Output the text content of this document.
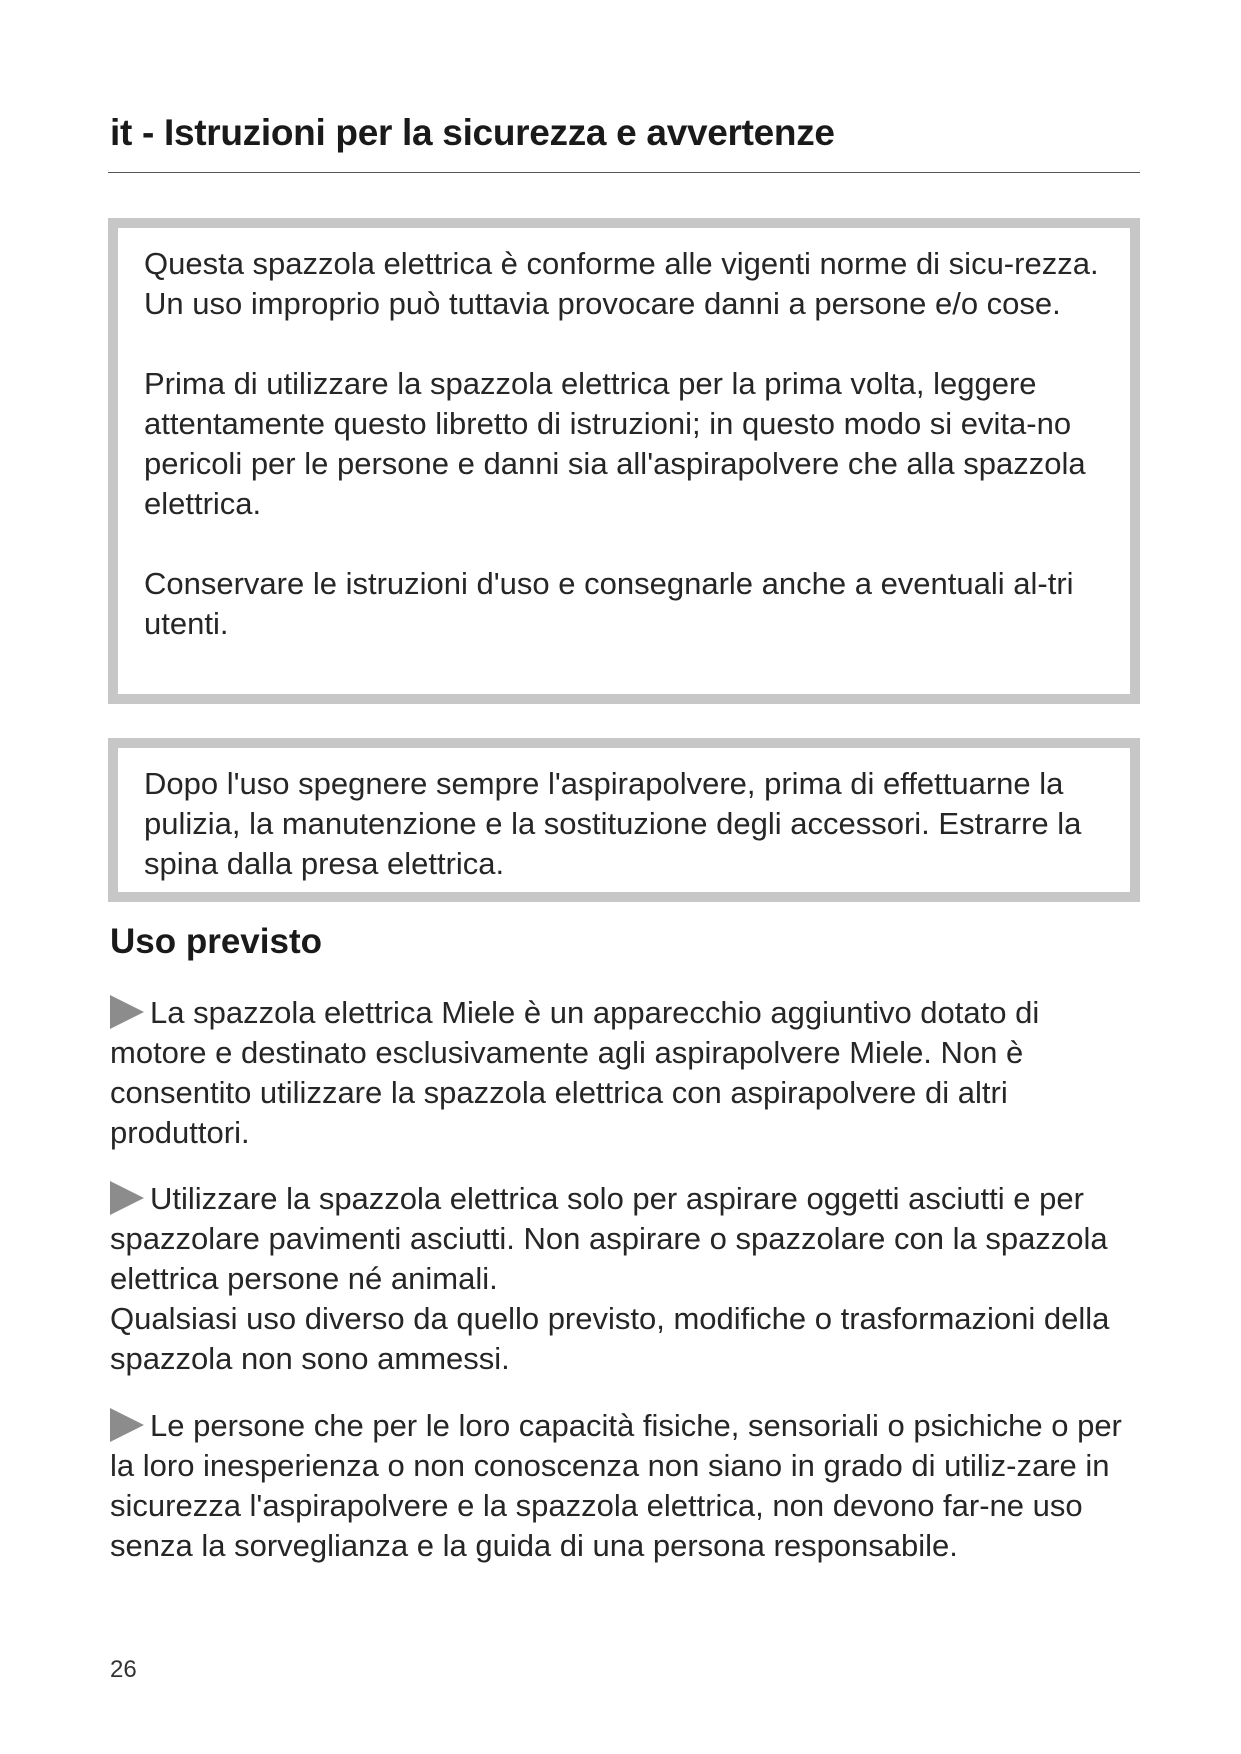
it - Istruzioni per la sicurezza e avvertenze

Questa spazzola elettrica è conforme alle vigenti norme di sicu-rezza. Un uso improprio può tuttavia provocare danni a persone e/o cose.

Prima di utilizzare la spazzola elettrica per la prima volta, leggere attentamente questo libretto di istruzioni; in questo modo si evita-no pericoli per le persone e danni sia all'aspirapolvere che alla spazzola elettrica.

Conservare le istruzioni d'uso e consegnarle anche a eventuali al-tri utenti.

Dopo l'uso spegnere sempre l'aspirapolvere, prima di effettuarne la pulizia, la manutenzione e la sostituzione degli accessori. Estrarre la spina dalla presa elettrica.

Uso previsto

La spazzola elettrica Miele è un apparecchio aggiuntivo dotato di motore e destinato esclusivamente agli aspirapolvere Miele. Non è consentito utilizzare la spazzola elettrica con aspirapolvere di altri produttori.

Utilizzare la spazzola elettrica solo per aspirare oggetti asciutti e per spazzolare pavimenti asciutti. Non aspirare o spazzolare con la spazzola elettrica persone né animali.
Qualsiasi uso diverso da quello previsto, modifiche o trasformazioni della spazzola non sono ammessi.

Le persone che per le loro capacità fisiche, sensoriali o psichiche o per la loro inesperienza o non conoscenza non siano in grado di utiliz-zare in sicurezza l'aspirapolvere e la spazzola elettrica, non devono far-ne uso senza la sorveglianza e la guida di una persona responsabile.

26
